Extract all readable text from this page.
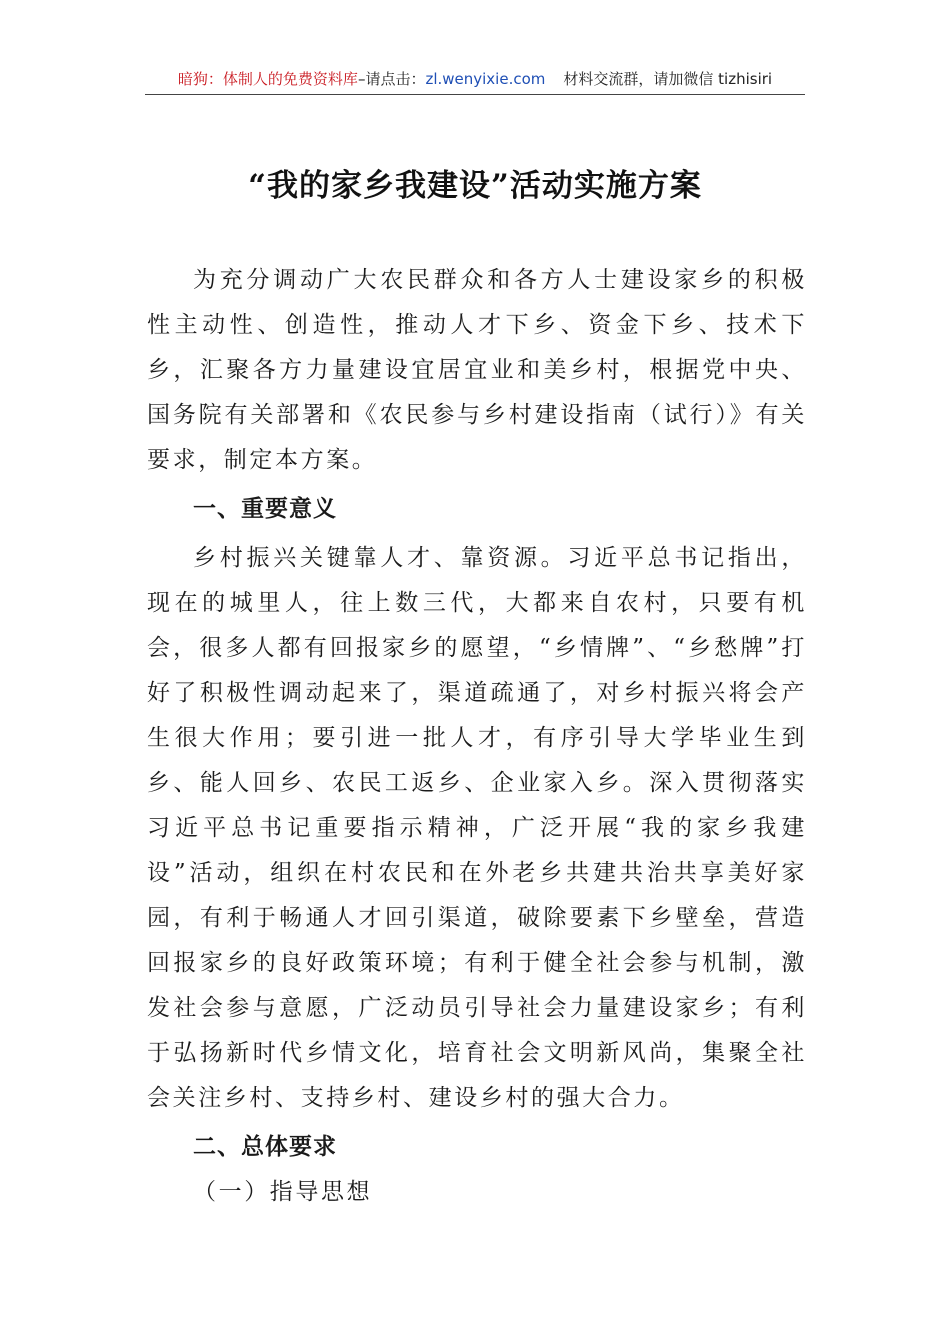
暗狗：体制人的免费资料库–请点击：zl.wenyixie.com 材料交流群，请加微信 tizhisiri
“我的家乡我建设”活动实施方案

为充分调动广大农民群众和各方人士建设家乡的积极性主动性、创造性，推动人才下乡、资金下乡、技术下乡，汇聚各方力量建设宜居宜业和美乡村，根据党中央、国务院有关部署和《农民参与乡村建设指南（试行）》有关要求，制定本方案。

一、重要意义

乡村振兴关键靠人才、靠资源。习近平总书记指出，现在的城里人，往上数三代，大都来自农村，只要有机会，很多人都有回报家乡的愿望，“乡情牌”、“乡愁牌”打好了积极性调动起来了，渠道疏通了，对乡村振兴将会产生很大作用；要引进一批人才，有序引导大学毕业生到乡、能人回乡、农民工返乡、企业家入乡。深入贯彻落实习近平总书记重要指示精神，广泛开展“我的家乡我建设”活动，组织在村农民和在外老乡共建共治共享美好家园，有利于畅通人才回引渠道，破除要素下乡壁垒，营造回报家乡的良好政策环境；有利于健全社会参与机制，激发社会参与意愿，广泛动员引导社会力量建设家乡；有利于弘扬新时代乡情文化，培育社会文明新风尚，集聚全社会关注乡村、支持乡村、建设乡村的强大合力。

二、总体要求
（一）指导思想
